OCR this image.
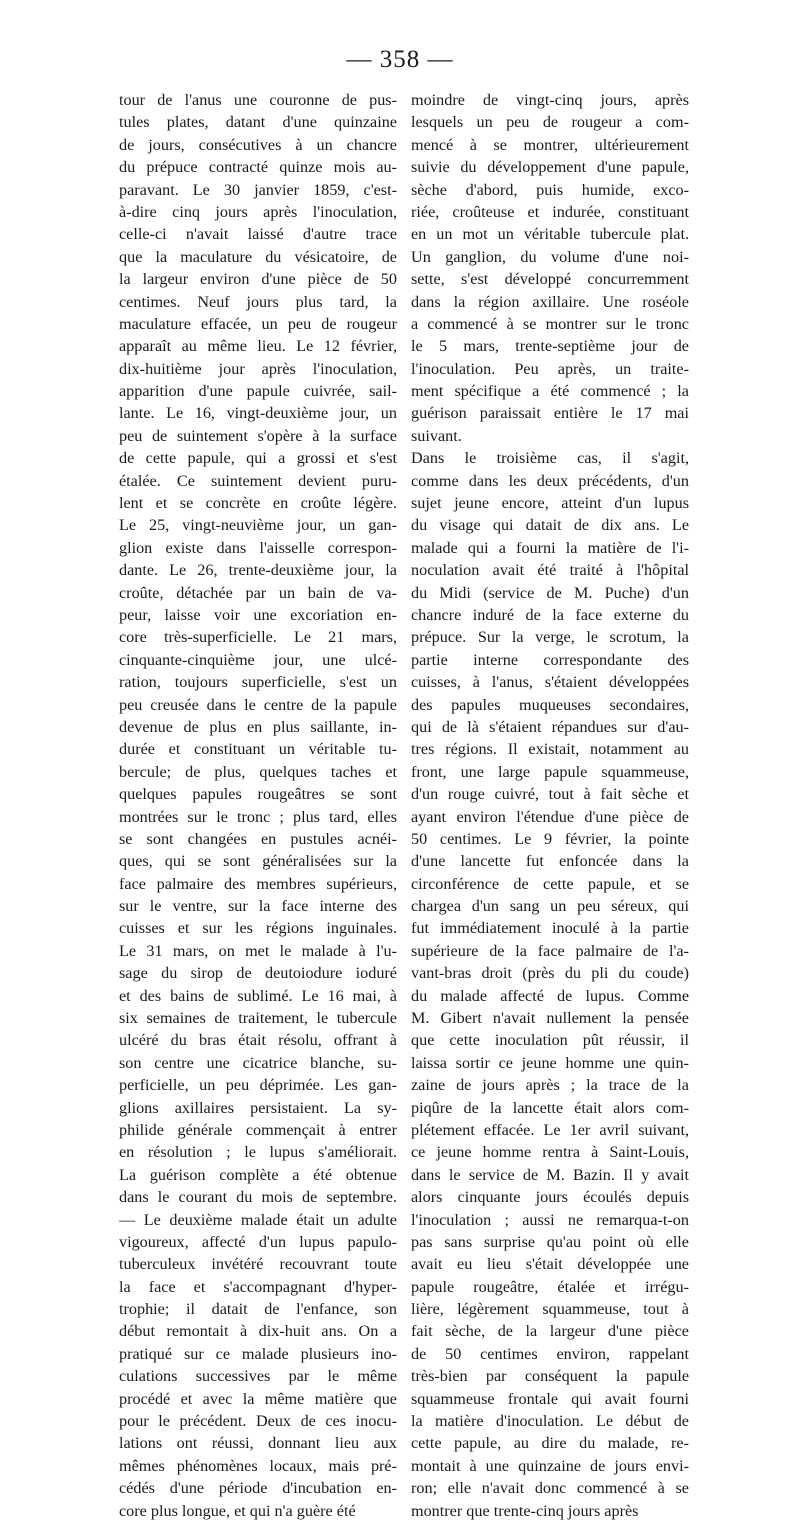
— 358 —
tour de l'anus une couronne de pus-
tules plates, datant d'une quinzaine
de jours, consécutives à un chancre
du prépuce contracté quinze mois au-
paravant. Le 30 janvier 1859, c'est-
à-dire cinq jours après l'inoculation,
celle-ci n'avait laissé d'autre trace
que la maculature du vésicatoire, de
la largeur environ d'une pièce de 50
centimes. Neuf jours plus tard, la
maculature effacée, un peu de rougeur
apparaît au même lieu. Le 12 février,
dix-huitième jour après l'inoculation,
apparition d'une papule cuivrée, sail-
lante. Le 16, vingt-deuxième jour, un
peu de suintement s'opère à la surface
de cette papule, qui a grossi et s'est
étalée. Ce suintement devient puru-
lent et se concrète en croûte légère.
Le 25, vingt-neuvième jour, un gan-
glion existe dans l'aisselle correspon-
dante. Le 26, trente-deuxième jour, la
croûte, détachée par un bain de va-
peur, laisse voir une excoriation en-
core très-superficielle. Le 21 mars,
cinquante-cinquième jour, une ulcé-
ration, toujours superficielle, s'est un
peu creusée dans le centre de la papule
devenue de plus en plus saillante, in-
durée et constituant un véritable tu-
bercule; de plus, quelques taches et
quelques papules rougeâtres se sont
montrées sur le tronc ; plus tard, elles
se sont changées en pustules acnéi-
ques, qui se sont généralisées sur la
face palmaire des membres supérieurs,
sur le ventre, sur la face interne des
cuisses et sur les régions inguinales.
Le 31 mars, on met le malade à l'u-
sage du sirop de deutoiodure ioduré
et des bains de sublimé. Le 16 mai, à
six semaines de traitement, le tubercule
ulcéré du bras était résolu, offrant à
son centre une cicatrice blanche, su-
perficielle, un peu déprimée. Les gan-
glions axillaires persistaient. La sy-
philide générale commençait à entrer
en résolution ; le lupus s'améliorait.
La guérison complète a été obtenue
dans le courant du mois de septembre.
— Le deuxième malade était un adulte
vigoureux, affecté d'un lupus papulo-
tuberculeux invétéré recouvrant toute
la face et s'accompagnant d'hyper-
trophie; il datait de l'enfance, son
début remontait à dix-huit ans. On a
pratiqué sur ce malade plusieurs ino-
culations successives par le même
procédé et avec la même matière que
pour le précédent. Deux de ces inocu-
lations ont réussi, donnant lieu aux
mêmes phénomènes locaux, mais pré-
cédés d'une période d'incubation en-
core plus longue, et qui n'a guère été
moindre de vingt-cinq jours, après
lesquels un peu de rougeur a com-
mencé à se montrer, ultérieurement
suivie du développement d'une papule,
sèche d'abord, puis humide, exco-
riée, croûteuse et indurée, constituant
en un mot un véritable tubercule plat.
Un ganglion, du volume d'une noi-
sette, s'est développé concurremment
dans la région axillaire. Une roséole
a commencé à se montrer sur le tronc
le 5 mars, trente-septième jour de
l'inoculation. Peu après, un traite-
ment spécifique a été commencé ; la
guérison paraissait entière le 17 mai
suivant.
Dans le troisième cas, il s'agit,
comme dans les deux précédents, d'un
sujet jeune encore, atteint d'un lupus
du visage qui datait de dix ans. Le
malade qui a fourni la matière de l'i-
noculation avait été traité à l'hôpital
du Midi (service de M. Puche) d'un
chancre induré de la face externe du
prépuce. Sur la verge, le scrotum, la
partie interne correspondante des
cuisses, à l'anus, s'étaient développées
des papules muqueuses secondaires,
qui de là s'étaient répandues sur d'au-
tres régions. Il existait, notamment au
front, une large papule squammeuse,
d'un rouge cuivré, tout à fait sèche et
ayant environ l'étendue d'une pièce de
50 centimes. Le 9 février, la pointe
d'une lancette fut enfoncée dans la
circonférence de cette papule, et se
chargea d'un sang un peu séreux, qui
fut immédiatement inoculé à la partie
supérieure de la face palmaire de l'a-
vant-bras droit (près du pli du coude)
du malade affecté de lupus. Comme
M. Gibert n'avait nullement la pensée
que cette inoculation pût réussir, il
laissa sortir ce jeune homme une quin-
zaine de jours après ; la trace de la
piqûre de la lancette était alors com-
plétement effacée. Le 1er avril suivant,
ce jeune homme rentra à Saint-Louis,
dans le service de M. Bazin. Il y avait
alors cinquante jours écoulés depuis
l'inoculation ; aussi ne remarqua-t-on
pas sans surprise qu'au point où elle
avait eu lieu s'était développée une
papule rougeâtre, étalée et irrégu-
lière, légèrement squammeuse, tout à
fait sèche, de la largeur d'une pièce
de 50 centimes environ, rappelant
très-bien par conséquent la papule
squammeuse frontale qui avait fourni
la matière d'inoculation. Le début de
cette papule, au dire du malade, re-
montait à une quinzaine de jours envi-
ron; elle n'avait donc commencé à se
montrer que trente-cinq jours après
